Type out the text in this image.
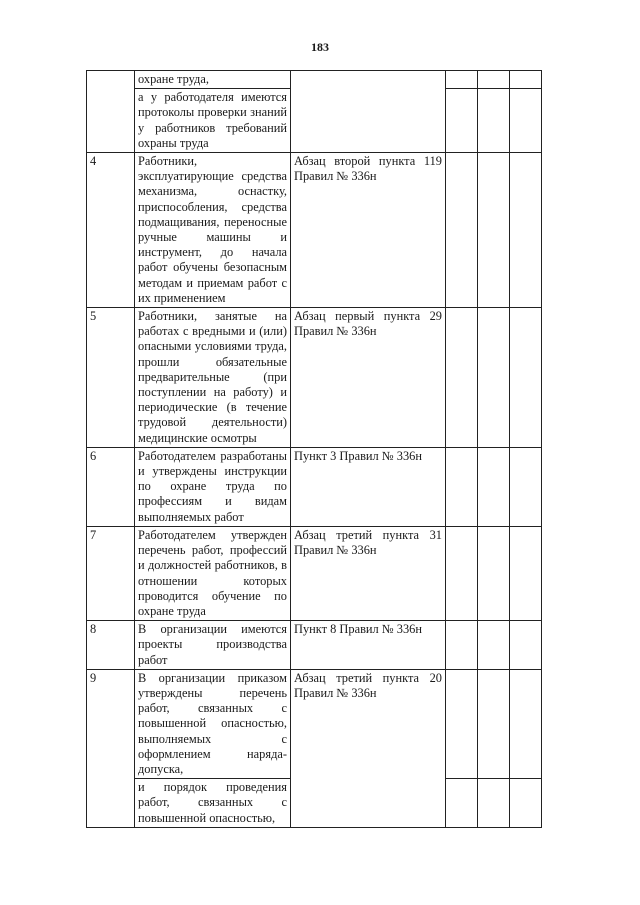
183
	охране труда,				
	а у работодателя имеются протоколы проверки знаний у работников требований охраны труда				
4	Работники, эксплуатирующие средства механизма, оснастку, приспособления, средства подмащивания, переносные ручные машины и инструмент, до начала работ обучены безопасным методам и приемам работ с их применением	Абзац второй пункта 119 Правил № 336н			
5	Работники, занятые на работах с вредными и (или) опасными условиями труда, прошли обязательные предварительные (при поступлении на работу) и периодические (в течение трудовой деятельности) медицинские осмотры	Абзац первый пункта 29 Правил № 336н			
6	Работодателем разработаны и утверждены инструкции по охране труда по профессиям и видам выполняемых работ	Пункт 3 Правил № 336н			
7	Работодателем утвержден перечень работ, профессий и должностей работников, в отношении которых проводится обучение по охране труда	Абзац третий пункта 31 Правил № 336н			
8	В организации имеются проекты производства работ	Пункт 8 Правил № 336н			
9	В организации приказом утверждены перечень работ, связанных с повышенной опасностью, выполняемых с оформлением наряда-допуска,	Абзац третий пункта 20 Правил № 336н			
	и порядок проведения работ, связанных с повышенной опасностью,				
